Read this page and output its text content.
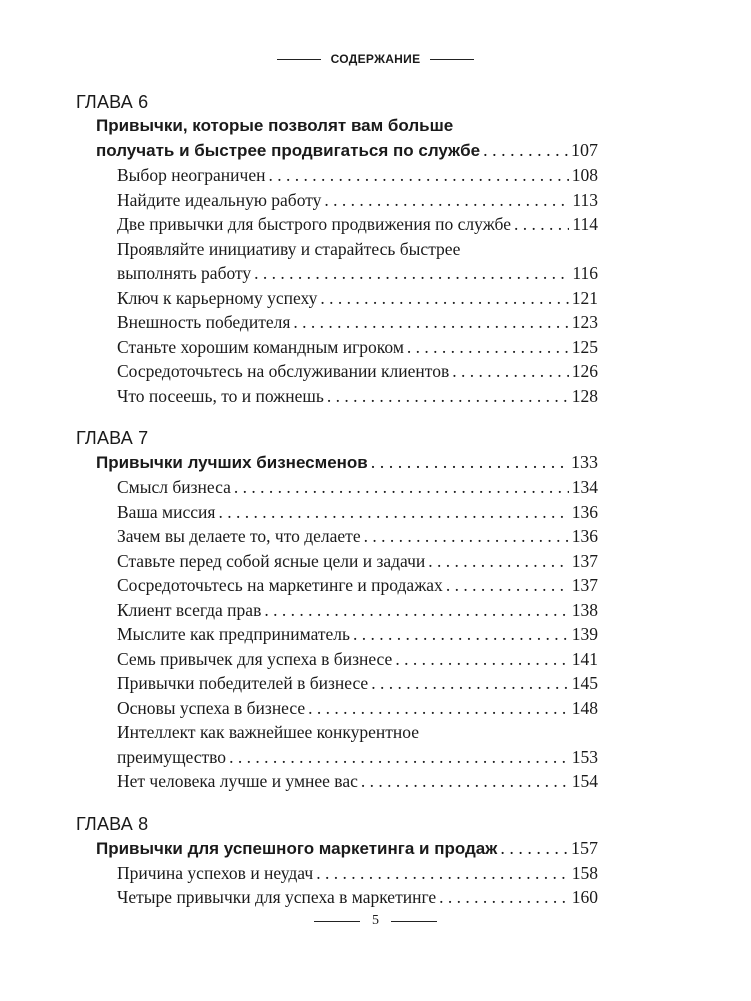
СОДЕРЖАНИЕ
ГЛАВА 6
Привычки, которые позволят вам больше
получать и быстрее продвигаться по службе . . .	107
Выбор неограничен . . .	108
Найдите идеальную работу . . .	113
Две привычки для быстрого продвижения по службе . . .	114
Проявляйте инициативу и старайтесь быстрее
выполнять работу . . .	116
Ключ к карьерному успеху . . .	121
Внешность победителя . . .	123
Станьте хорошим командным игроком . . .	125
Сосредоточьтесь на обслуживании клиентов . . .	126
Что посеешь, то и пожнешь . . .	128
ГЛАВА 7
Привычки лучших бизнесменов . . .	133
Смысл бизнеса . . .	134
Ваша миссия . . .	136
Зачем вы делаете то, что делаете . . .	136
Ставьте перед собой ясные цели и задачи . . .	137
Сосредоточьтесь на маркетинге и продажах . . .	137
Клиент всегда прав . . .	138
Мыслите как предприниматель . . .	139
Семь привычек для успеха в бизнесе . . .	141
Привычки победителей в бизнесе . . .	145
Основы успеха в бизнесе . . .	148
Интеллект как важнейшее конкурентное
преимущество . . .	153
Нет человека лучше и умнее вас . . .	154
ГЛАВА 8
Привычки для успешного маркетинга и продаж . . .	157
Причина успехов и неудач . . .	158
Четыре привычки для успеха в маркетинге . . .	160
5
